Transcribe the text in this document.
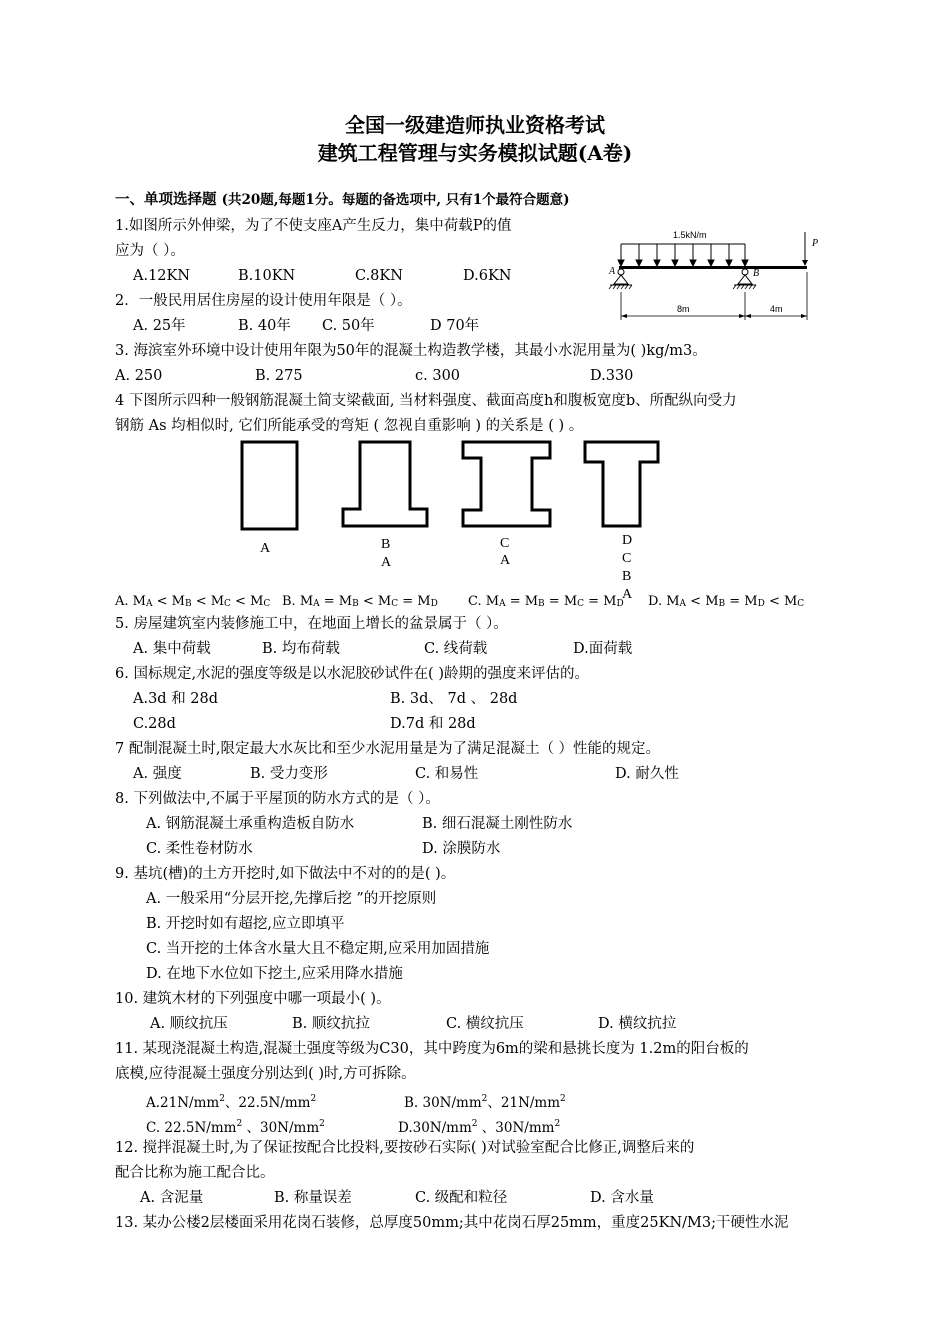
全国一级建造师执业资格考试
建筑工程管理与实务模拟试题(A卷)
一、单项选择题 (共20题,每题1分。每题的备选项中, 只有1个最符合题意)
1.如图所示外伸梁，为了不使支座A产生反力，集中荷载P的值
应为（ ）。
A.12KN	B.10KN	C.8KN	D.6KN
1.5kN/m
P
A	B
8m	4m
2．一般民用居住房屋的设计使用年限是（ ）。
A. 25年	B. 40年 C. 50年	D 70年
3. 海滨室外环境中设计使用年限为50年的混凝土构造教学楼，其最小水泥用量为( )kg/m3。
A. 250	B. 275	c. 300	D.330
4 下图所示四种一般钢筋混凝土简支梁截面, 当材料强度、截面高度h和腹板宽度b、所配纵向受力
钢筋 As 均相似时, 它们所能承受的弯矩 ( 忽视自重影响 ) 的关系是 ( ) 。
A	B
A
C
A
D
C
B
A
A. MA < MB < MC < MC B. MA = MB < MC = MD C. MA = MB = MC = MD D. MA < MB = MD < MC
5. 房屋建筑室内装修施工中，在地面上增长的盆景属于（ ）。
A. 集中荷载	B. 均布荷载	C. 线荷载	D.面荷载
6. 国标规定,水泥的强度等级是以水泥胶砂试件在( )龄期的强度来评估的。
A.3d 和 28d	B. 3d、 7d 、 28d
C.28d	D.7d 和 28d
7 配制混凝土时,限定最大水灰比和至少水泥用量是为了满足混凝土（ ）性能的规定。
A. 强度	B. 受力变形	C. 和易性	D. 耐久性
8. 下列做法中,不属于平屋顶的防水方式的是（ ）。
A. 钢筋混凝土承重构造板自防水	B. 细石混凝土刚性防水
C. 柔性卷材防水	D. 涂膜防水
9. 基坑(槽)的土方开挖时,如下做法中不对的的是( )。
A. 一般采用“分层开挖,先撑后挖 ”的开挖原则
B. 开挖时如有超挖,应立即填平
C. 当开挖的土体含水量大且不稳定期,应采用加固措施
D. 在地下水位如下挖土,应采用降水措施
10. 建筑木材的下列强度中哪一项最小( )。
A. 顺纹抗压	B. 顺纹抗拉	C. 横纹抗压	D. 横纹抗拉
11. 某现浇混凝土构造,混凝土强度等级为C30，其中跨度为6m的梁和悬挑长度为 1.2m的阳台板的
底模,应待混凝土强度分别达到( )时,方可拆除。
$A.21N/mm^2$、$22.5N/mm^2$	B. $30N/mm^2$、$21N/mm^2$
C. $22.5N/mm^2$ 、$30N/mm^2$	$D.30N/mm^2$ 、$30N/mm^2$
12. 搅拌混凝土时,为了保证按配合比投料,要按砂石实际( )对试验室配合比修正,调整后来的
配合比称为施工配合比。
A. 含泥量	B. 称量误差	C. 级配和粒径	D. 含水量
13. 某办公楼2层楼面采用花岗石装修，总厚度50mm;其中花岗石厚25mm，重度25KN/M3;干硬性水泥
